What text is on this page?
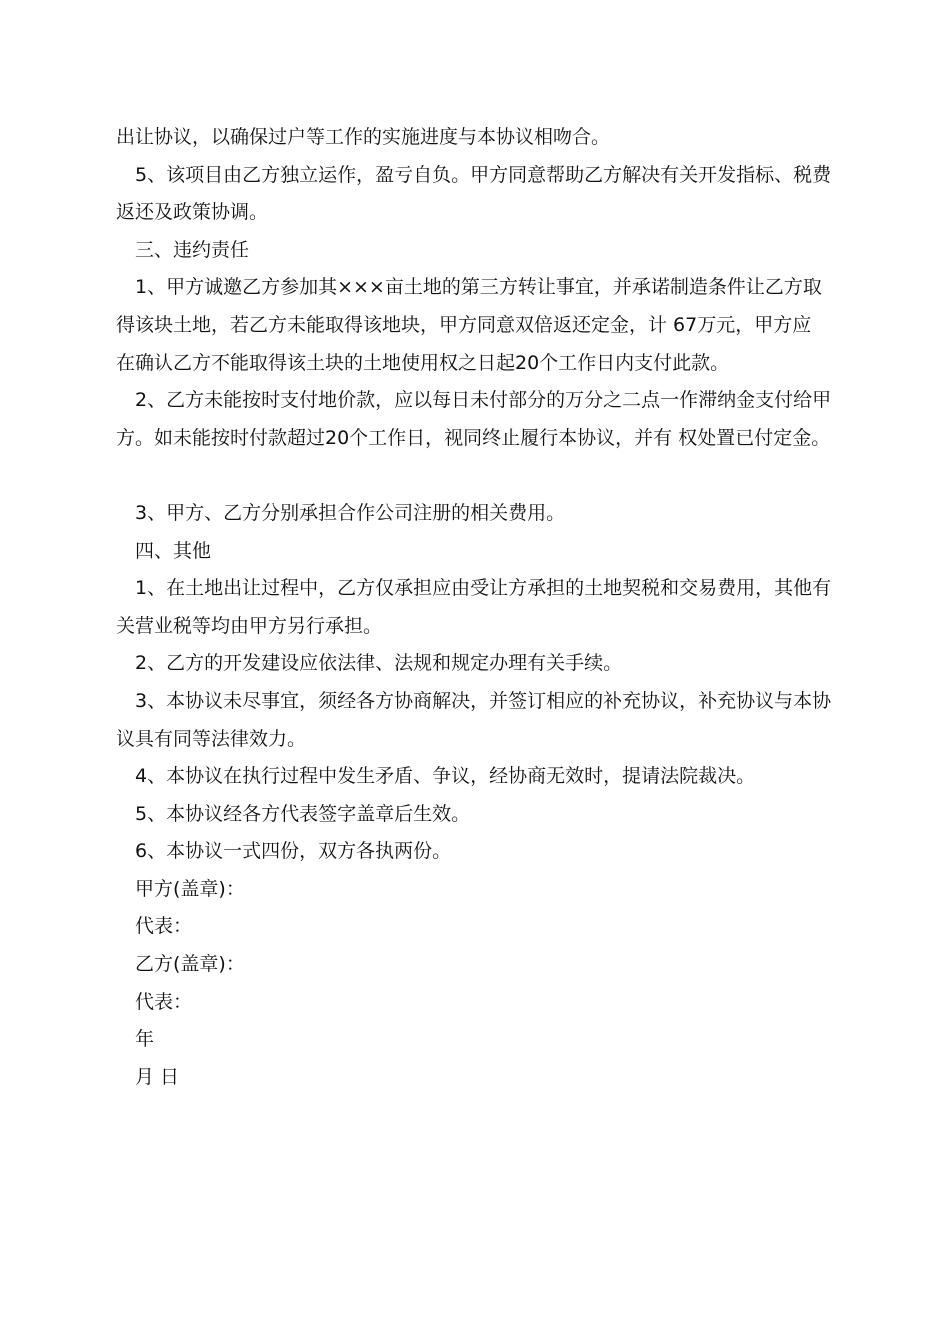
出让协议，以确保过户等工作的实施进度与本协议相吻合。
5、该项目由乙方独立运作，盈亏自负。甲方同意帮助乙方解决有关开发指标、税费
返还及政策协调。
三、违约责任
1、甲方诚邀乙方参加其×××亩土地的第三方转让事宜，并承诺制造条件让乙方取
得该块土地，若乙方未能取得该地块，甲方同意双倍返还定金，计 67万元，甲方应
在确认乙方不能取得该土块的土地使用权之日起20个工作日内支付此款。
2、乙方未能按时支付地价款，应以每日未付部分的万分之二点一作滞纳金支付给甲
方。如未能按时付款超过20个工作日，视同终止履行本协议，并有 权处置已付定金。
3、甲方、乙方分别承担合作公司注册的相关费用。
四、其他
1、在土地出让过程中，乙方仅承担应由受让方承担的土地契税和交易费用，其他有
关营业税等均由甲方另行承担。
2、乙方的开发建设应依法律、法规和规定办理有关手续。
3、本协议未尽事宜，须经各方协商解决，并签订相应的补充协议，补充协议与本协
议具有同等法律效力。
4、本协议在执行过程中发生矛盾、争议，经协商无效时，提请法院裁决。
5、本协议经各方代表签字盖章后生效。
6、本协议一式四份，双方各执两份。
甲方(盖章)：
代表：
乙方(盖章)：
代表：
年
月 日
